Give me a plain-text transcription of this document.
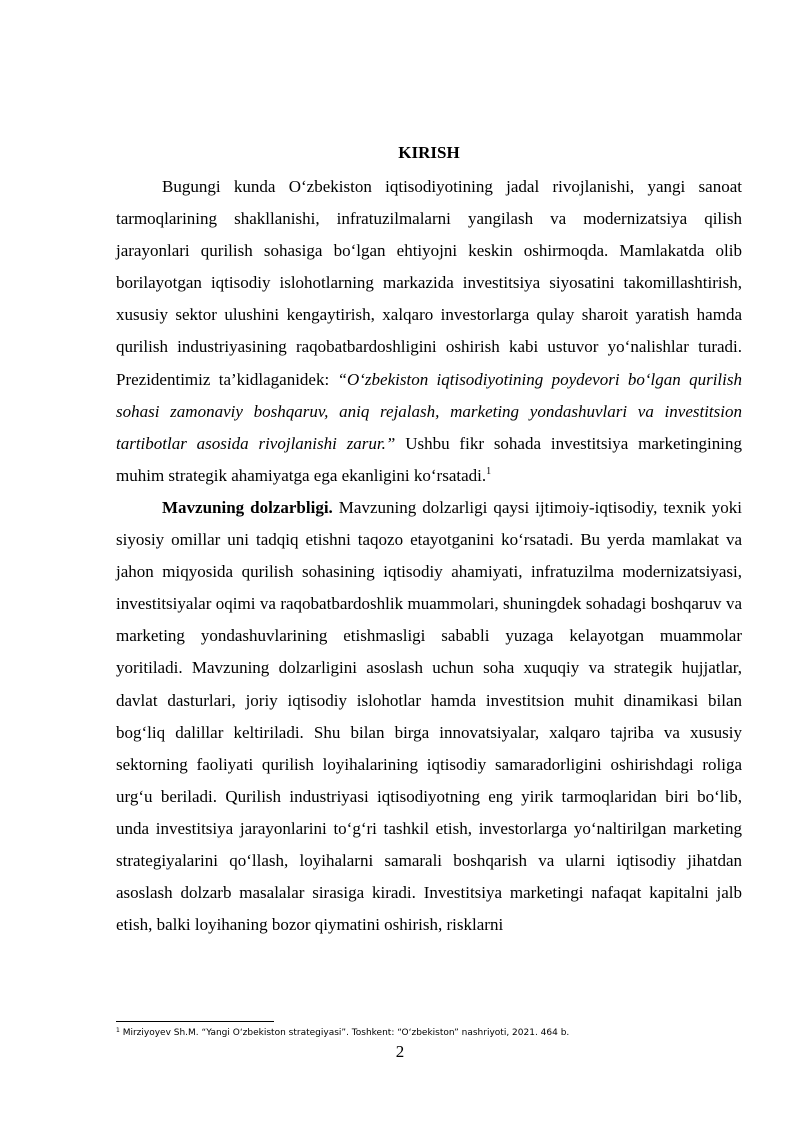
KIRISH

Bugungi kunda O‘zbekiston iqtisodiyotining jadal rivojlanishi, yangi sanoat tarmoqlarining shakllanishi, infratuzilmalarni yangilash va modernizatsiya qilish jarayonlari qurilish sohasiga bo‘lgan ehtiyojni keskin oshirmoqda. Mamlakatda olib borilayotgan iqtisodiy islohotlarning markazida investitsiya siyosatini takomillashtirish, xususiy sektor ulushini kengaytirish, xalqaro investorlarga qulay sharoit yaratish hamda qurilish industriyasining raqobatbardoshligini oshirish kabi ustuvor yo‘nalishlar turadi. Prezidentimiz ta’kidlaganidek: “O‘zbekiston iqtisodiyotining poydevori bo‘lgan qurilish sohasi zamonaviy boshqaruv, aniq rejalash, marketing yondashuvlari va investitsion tartibotlar asosida rivojlanishi zarur.” Ushbu fikr sohada investitsiya marketingining muhim strategik ahamiyatga ega ekanligini ko‘rsatadi.$^1$

Mavzuning dolzarbligi. Mavzuning dolzarligi qaysi ijtimoiy-iqtisodiy, texnik yoki siyosiy omillar uni tadqiq etishni taqozo etayotganini ko‘rsatadi. Bu yerda mamlakat va jahon miqyosida qurilish sohasining iqtisodiy ahamiyati, infratuzilma modernizatsiyasi, investitsiyalar oqimi va raqobatbardoshlik muammolari, shuningdek sohadagi boshqaruv va marketing yondashuvlarining etishmasligi sababli yuzaga kelayotgan muammolar yoritiladi. Mavzuning dolzarligini asoslash uchun soha xuquqiy va strategik hujjatlar, davlat dasturlari, joriy iqtisodiy islohotlar hamda investitsion muhit dinamikasi bilan bog‘liq dalillar keltiriladi. Shu bilan birga innovatsiyalar, xalqaro tajriba va xususiy sektorning faoliyati qurilish loyihalarining iqtisodiy samaradorligini oshirishdagi roliga urg‘u beriladi. Qurilish industriyasi iqtisodiyotning eng yirik tarmoqlaridan biri bo‘lib, unda investitsiya jarayonlarini to‘g‘ri tashkil etish, investorlarga yo‘naltirilgan marketing strategiyalarini qo‘llash, loyihalarni samarali boshqarish va ularni iqtisodiy jihatdan asoslash dolzarb masalalar sirasiga kiradi. Investitsiya marketingi nafaqat kapitalni jalb etish, balki loyihaning bozor qiymatini oshirish, risklarni

$^1$ Mirziyoyev Sh.M. “Yangi O‘zbekiston strategiyasi”. Toshkent: “O‘zbekiston” nashriyoti, 2021. 464 b.
2
